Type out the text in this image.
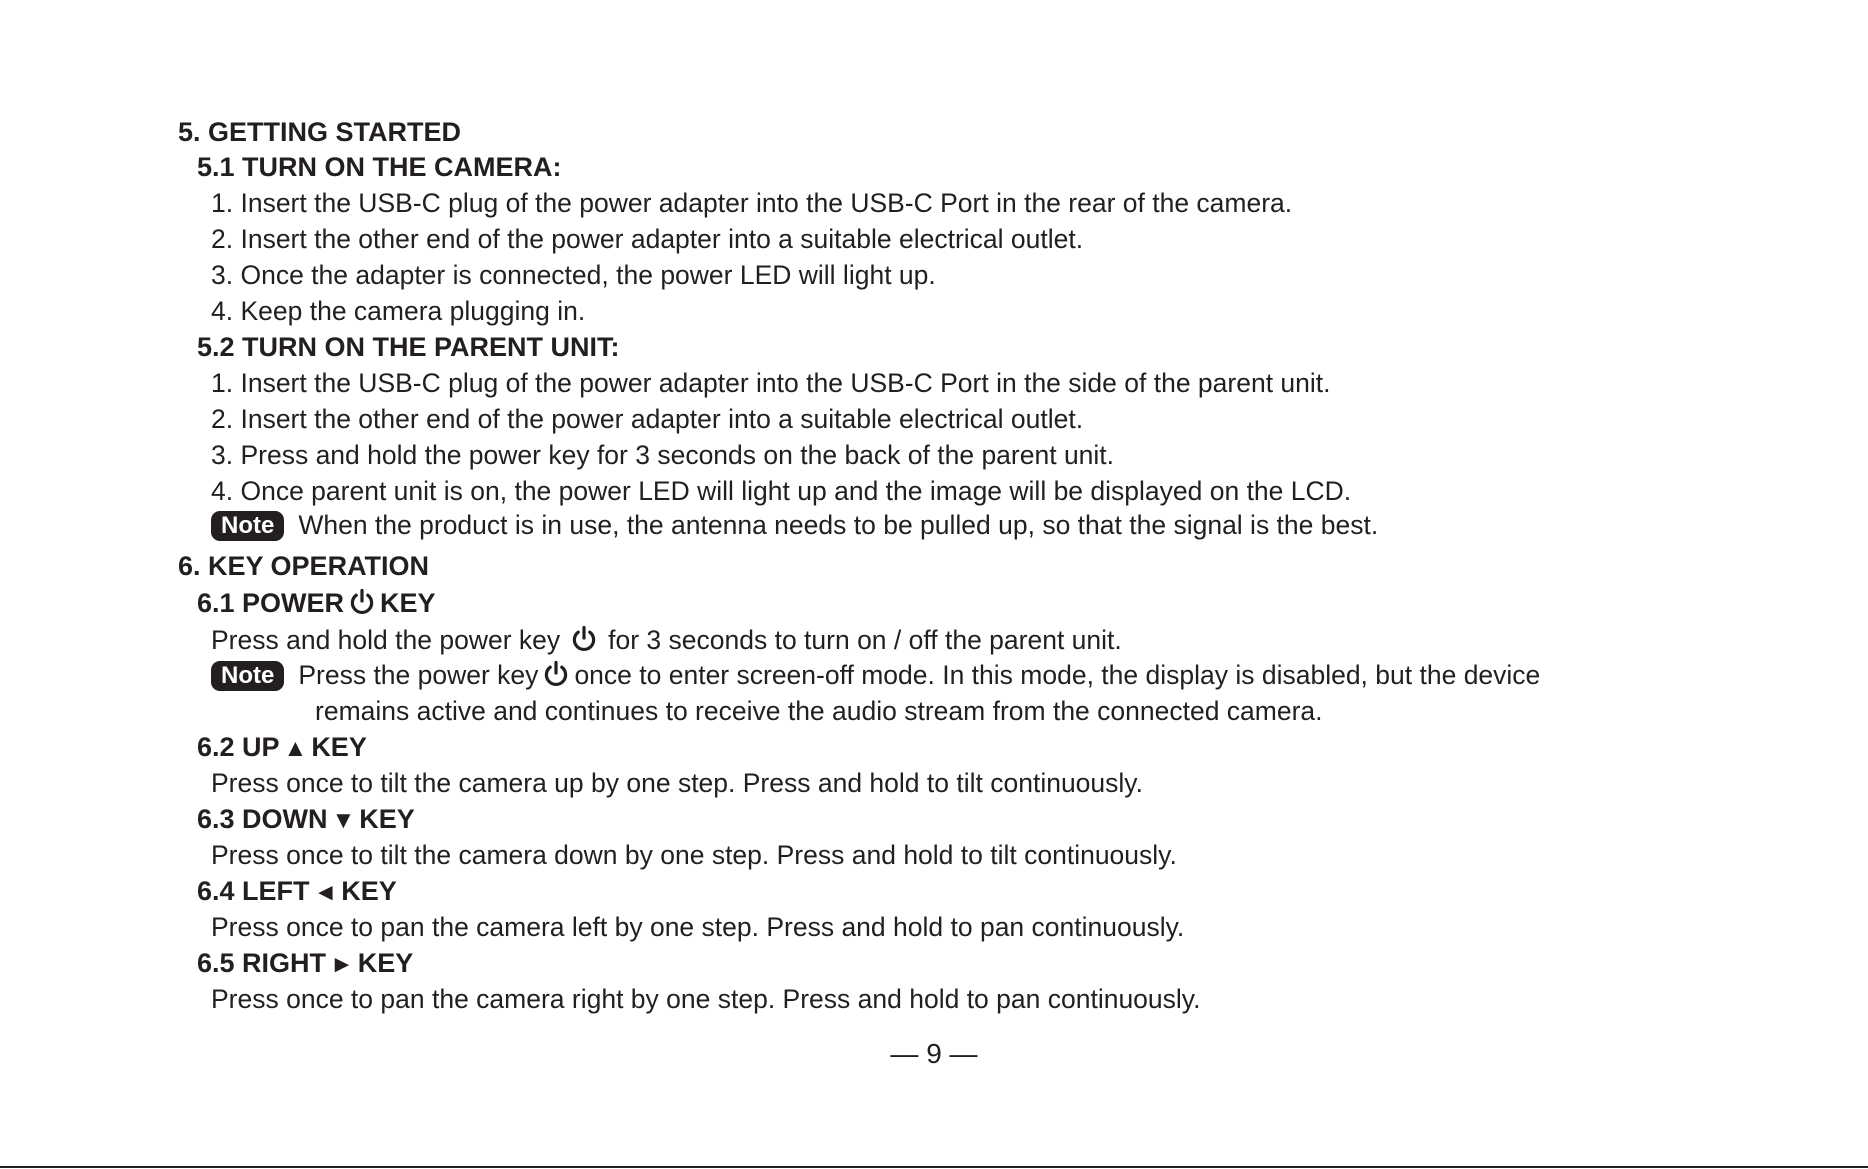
5. GETTING STARTED
5.1 TURN ON THE CAMERA:
1. Insert the USB-C plug of the power adapter into the USB-C Port in the rear of the camera.
2. Insert the other end of the power adapter into a suitable electrical outlet.
3. Once the adapter is connected, the power LED will light up.
4. Keep the camera plugging in.
5.2 TURN ON THE PARENT UNIT:
1. Insert the USB-C plug of the power adapter into the USB-C Port in the side of the parent unit.
2. Insert the other end of the power adapter into a suitable electrical outlet.
3. Press and hold the power key for 3 seconds on the back of the parent unit.
4. Once parent unit is on, the power LED will light up and the image will be displayed on the LCD.
Note When the product is in use, the antenna needs to be pulled up, so that the signal is the best.
6. KEY OPERATION
6.1 POWER KEY
Press and hold the power key for 3 seconds to turn on / off the parent unit.
Note Press the power key once to enter screen-off mode. In this mode, the display is disabled, but the device
remains active and continues to receive the audio stream from the connected camera.
6.2 UP ▲ KEY
Press once to tilt the camera up by one step. Press and hold to tilt continuously.
6.3 DOWN ▼ KEY
Press once to tilt the camera down by one step. Press and hold to tilt continuously.
6.4 LEFT ◄ KEY
Press once to pan the camera left by one step. Press and hold to pan continuously.
6.5 RIGHT ► KEY
Press once to pan the camera right by one step. Press and hold to pan continuously.
— 9 —
